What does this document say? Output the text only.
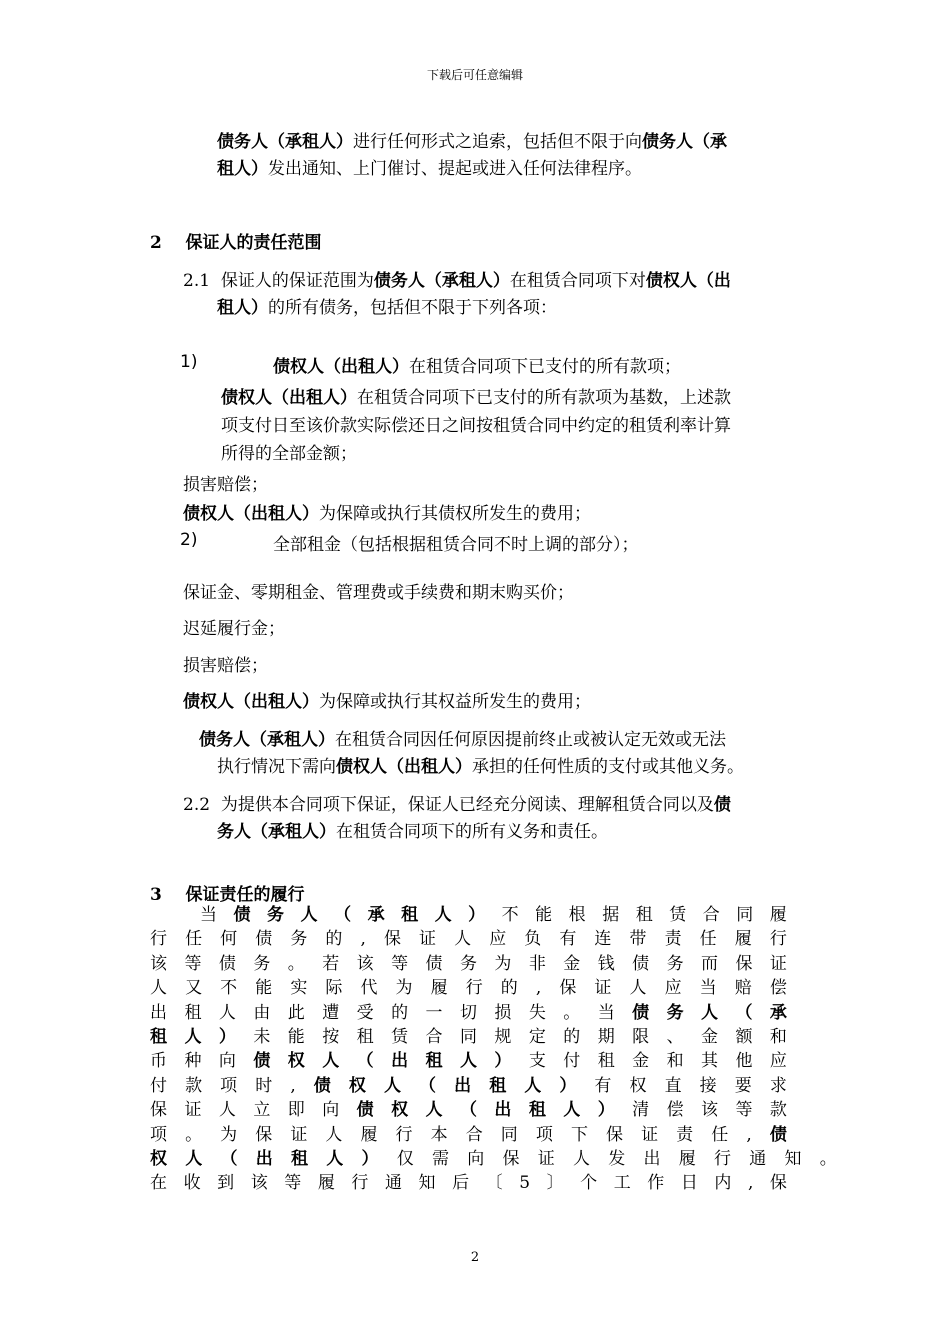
下载后可任意编辑
债务人（承租人）进行任何形式之追索，包括但不限于向债务人（承
租人）发出通知、上门催讨、提起或进入任何法律程序。
2 保证人的责任范围
2.1 保证人的保证范围为债务人（承租人）在租赁合同项下对债权人（出
租人）的所有债务，包括但不限于下列各项：
1)	债权人（出租人）在租赁合同项下已支付的所有款项；
债权人（出租人）在租赁合同项下已支付的所有款项为基数，上述款
项支付日至该价款实际偿还日之间按租赁合同中约定的租赁利率计算
所得的全部金额；
损害赔偿；
债权人（出租人）为保障或执行其债权所发生的费用；
2)	全部租金（包括根据租赁合同不时上调的部分）；
保证金、零期租金、管理费或手续费和期末购买价；
迟延履行金；
损害赔偿；
债权人（出租人）为保障或执行其权益所发生的费用；
债务人（承租人）在租赁合同因任何原因提前终止或被认定无效或无法
执行情况下需向债权人（出租人）承担的任何性质的支付或其他义务。
2.2 为提供本合同项下保证，保证人已经充分阅读、理解租赁合同以及债
务人（承租人）在租赁合同项下的所有义务和责任。
3 保证责任的履行
当 债 务 人 （ 承 租 人 ） 不 能 根 据 租 赁 合 同 履
行 任 何 债 务 的 , 保 证 人 应 负 有 连 带 责 任 履 行
该 等 债 务 。 若 该 等 债 务 为 非 金 钱 债 务 而 保 证
人 又 不 能 实 际 代 为 履 行 的 , 保 证 人 应 当 赔 偿
出 租 人 由 此 遭 受 的 一 切 损 失 。 当 债 务 人 （ 承
租 人 ） 未 能 按 租 赁 合 同 规 定 的 期 限 、 金 额 和
币 种 向 债 权 人 （ 出 租 人 ） 支 付 租 金 和 其 他 应
付 款 项 时 , 债 权 人 （ 出 租 人 ） 有 权 直 接 要 求
保 证 人 立 即 向 债 权 人 （ 出 租 人 ） 清 偿 该 等 款
项 。 为 保 证 人 履 行 本 合 同 项 下 保 证 责 任 , 债
权 人 （ 出 租 人 ） 仅 需 向 保 证 人 发 出 履 行 通 知 。
在 收 到 该 等 履 行 通 知 后 〔 5 〕 个 工 作 日 内 , 保
2
